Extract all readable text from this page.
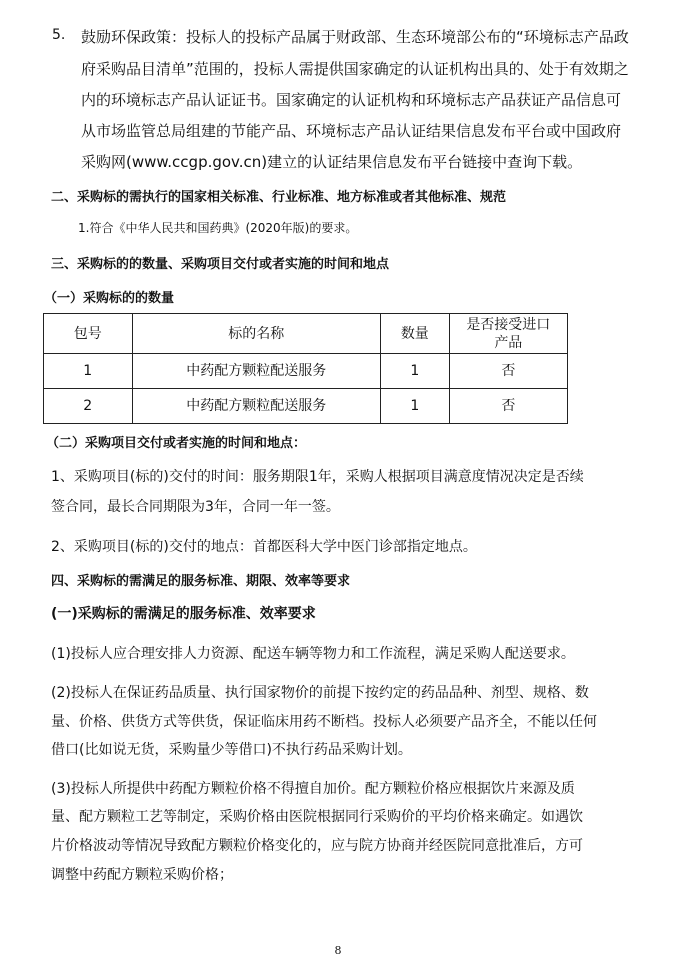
5. 鼓励环保政策：投标人的投标产品属于财政部、生态环境部公布的“环境标志产品政
府采购品目清单”范围的，投标人需提供国家确定的认证机构出具的、处于有效期之
内的环境标志产品认证证书。国家确定的认证机构和环境标志产品获证产品信息可
从市场监管总局组建的节能产品、环境标志产品认证结果信息发布平台或中国政府
采购网(www.ccgp.gov.cn)建立的认证结果信息发布平台链接中查询下载。
二、采购标的需执行的国家相关标准、行业标准、地方标准或者其他标准、规范
1.符合《中华人民共和国药典》(2020年版)的要求。
三、采购标的的数量、采购项目交付或者实施的时间和地点
（一）采购标的的数量
包号	标的名称	数量	是否接受进口
产品

1	中药配方颗粒配送服务	1	否
2	中药配方颗粒配送服务	1	否
（二）采购项目交付或者实施的时间和地点：
1、采购项目(标的)交付的时间：服务期限1年，采购人根据项目满意度情况决定是否续
签合同，最长合同期限为3年，合同一年一签。
2、采购项目(标的)交付的地点：首都医科大学中医门诊部指定地点。
四、采购标的需满足的服务标准、期限、效率等要求
(一)采购标的需满足的服务标准、效率要求
(1)投标人应合理安排人力资源、配送车辆等物力和工作流程，满足采购人配送要求。
(2)投标人在保证药品质量、执行国家物价的前提下按约定的药品品种、剂型、规格、数
量、价格、供货方式等供货，保证临床用药不断档。投标人必须要产品齐全，不能以任何
借口(比如说无货，采购量少等借口)不执行药品采购计划。
(3)投标人所提供中药配方颗粒价格不得擅自加价。配方颗粒价格应根据饮片来源及质
量、配方颗粒工艺等制定，采购价格由医院根据同行采购价的平均价格来确定。如遇饮
片价格波动等情况导致配方颗粒价格变化的，应与院方协商并经医院同意批准后，方可
调整中药配方颗粒采购价格；
8
